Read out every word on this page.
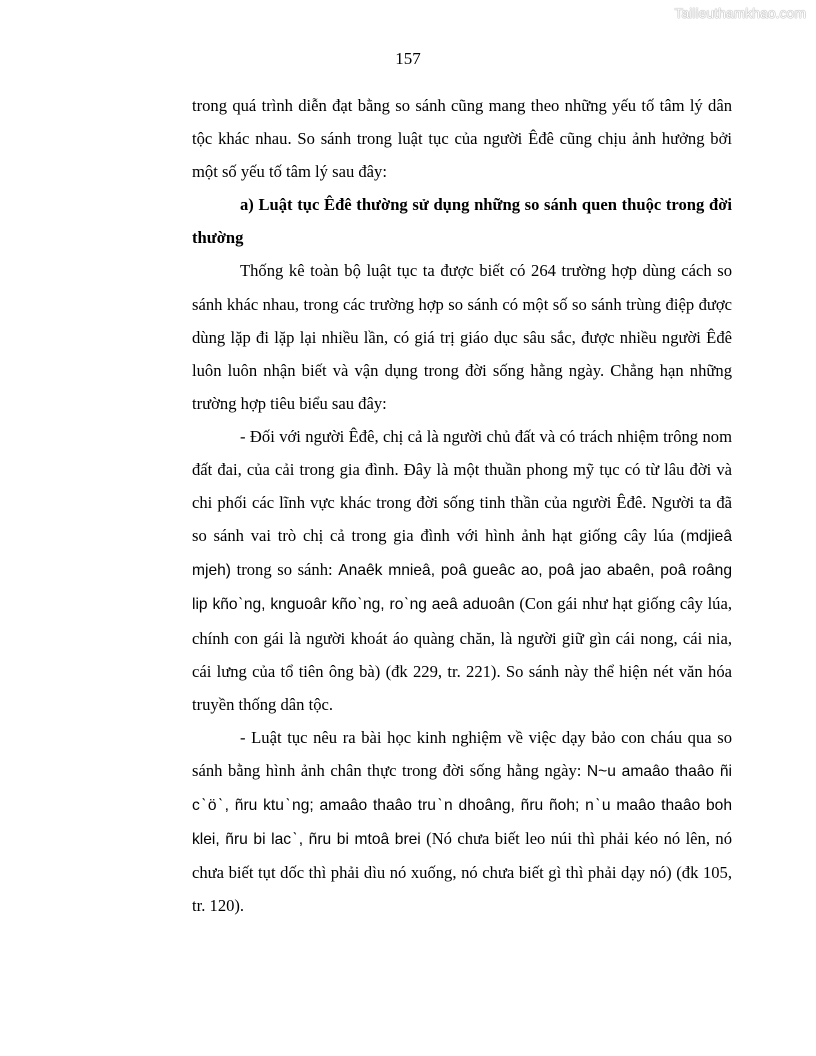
Tailieuthamkhao.com
157

trong quá trình diễn đạt bằng so sánh cũng mang theo những yếu tố tâm lý dân tộc khác nhau. So sánh trong luật tục của người Êđê cũng chịu ảnh hưởng bởi một số yếu tố tâm lý sau đây:

a) Luật tục Êđê thường sử dụng những so sánh quen thuộc trong đời thường

Thống kê toàn bộ luật tục ta được biết có 264 trường hợp dùng cách so sánh khác nhau, trong các trường hợp so sánh có một số so sánh trùng điệp được dùng lặp đi lặp lại nhiều lần, có giá trị giáo dục sâu sắc, được nhiều người Êđê luôn luôn nhận biết và vận dụng trong đời sống hằng ngày. Chẳng hạn những trường hợp tiêu biểu sau đây:

- Đối với người Êđê, chị cả là người chủ đất và có trách nhiệm trông nom đất đai, của cải trong gia đình. Đây là một thuần phong mỹ tục có từ lâu đời và chi phối các lĩnh vực khác trong đời sống tinh thần của người Êđê. Người ta đã so sánh vai trò chị cả trong gia đình với hình ảnh hạt giống cây lúa (mdjieâ mjeh) trong so sánh: Anaêk mnieâ, poâ gueâc ao, poâ jao abaên, poâ roâng lip kñoˋng, knguoâr kñoˋng, roˋng aeâ aduoân (Con gái như hạt giống cây lúa, chính con gái là người khoát áo quàng chăn, là người giữ gìn cái nong, cái nia, cái lưng của tổ tiên ông bà) (đk 229, tr. 221). So sánh này thể hiện nét văn hóa truyền thống dân tộc.

- Luật tục nêu ra bài học kinh nghiệm về việc dạy bảo con cháu qua so sánh bằng hình ảnh chân thực trong đời sống hằng ngày: N~u amaâo thaâo ñi cˋöˋ, ñru ktuˋng; amaâo thaâo truˋn dhoâng, ñru ñoh; nˋu maâo thaâo boh klei, ñru bi lacˋ, ñru bi mtoâ brei (Nó chưa biết leo núi thì phải kéo nó lên, nó chưa biết tụt dốc thì phải dìu nó xuống, nó chưa biết gì thì phải dạy nó) (đk 105, tr. 120).
